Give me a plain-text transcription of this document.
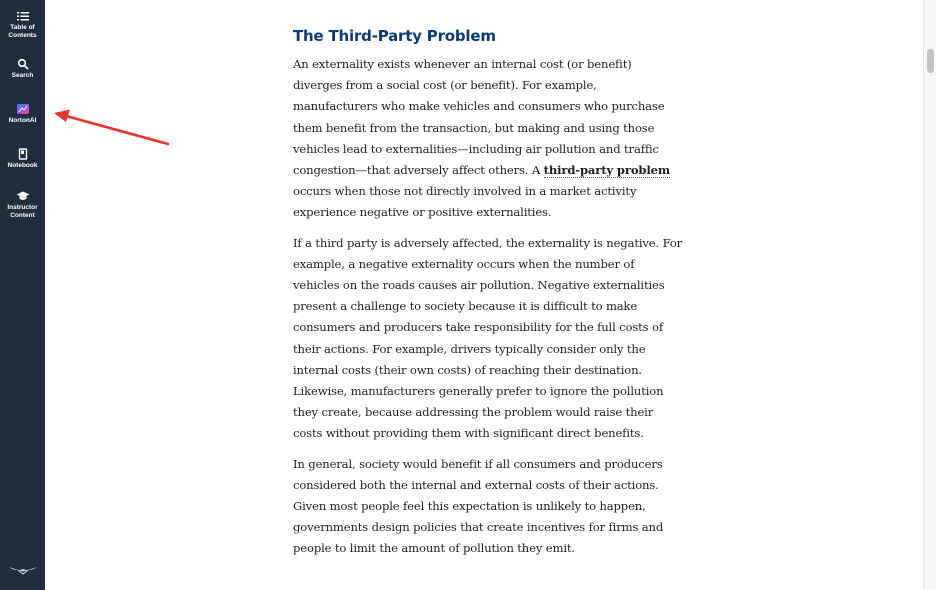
Table of
Contents
Search
NortonAI
Notebook
Instructor
Content
The Third-Party Problem

An externality exists whenever an internal cost (or benefit) diverges from a social cost (or benefit). For example, manufacturers who make vehicles and consumers who purchase them benefit from the transaction, but making and using those vehicles lead to externalities—including air pollution and traffic congestion—that adversely affect others. A third-party problem occurs when those not directly involved in a market activity experience negative or positive externalities.

If a third party is adversely affected, the externality is negative. For example, a negative externality occurs when the number of vehicles on the roads causes air pollution. Negative externalities present a challenge to society because it is difficult to make consumers and producers take responsibility for the full costs of their actions. For example, drivers typically consider only the internal costs (their own costs) of reaching their destination. Likewise, manufacturers generally prefer to ignore the pollution they create, because addressing the problem would raise their costs without providing them with significant direct benefits.

In general, society would benefit if all consumers and producers considered both the internal and external costs of their actions. Given most people feel this expectation is unlikely to happen, governments design policies that create incentives for firms and people to limit the amount of pollution they emit.
